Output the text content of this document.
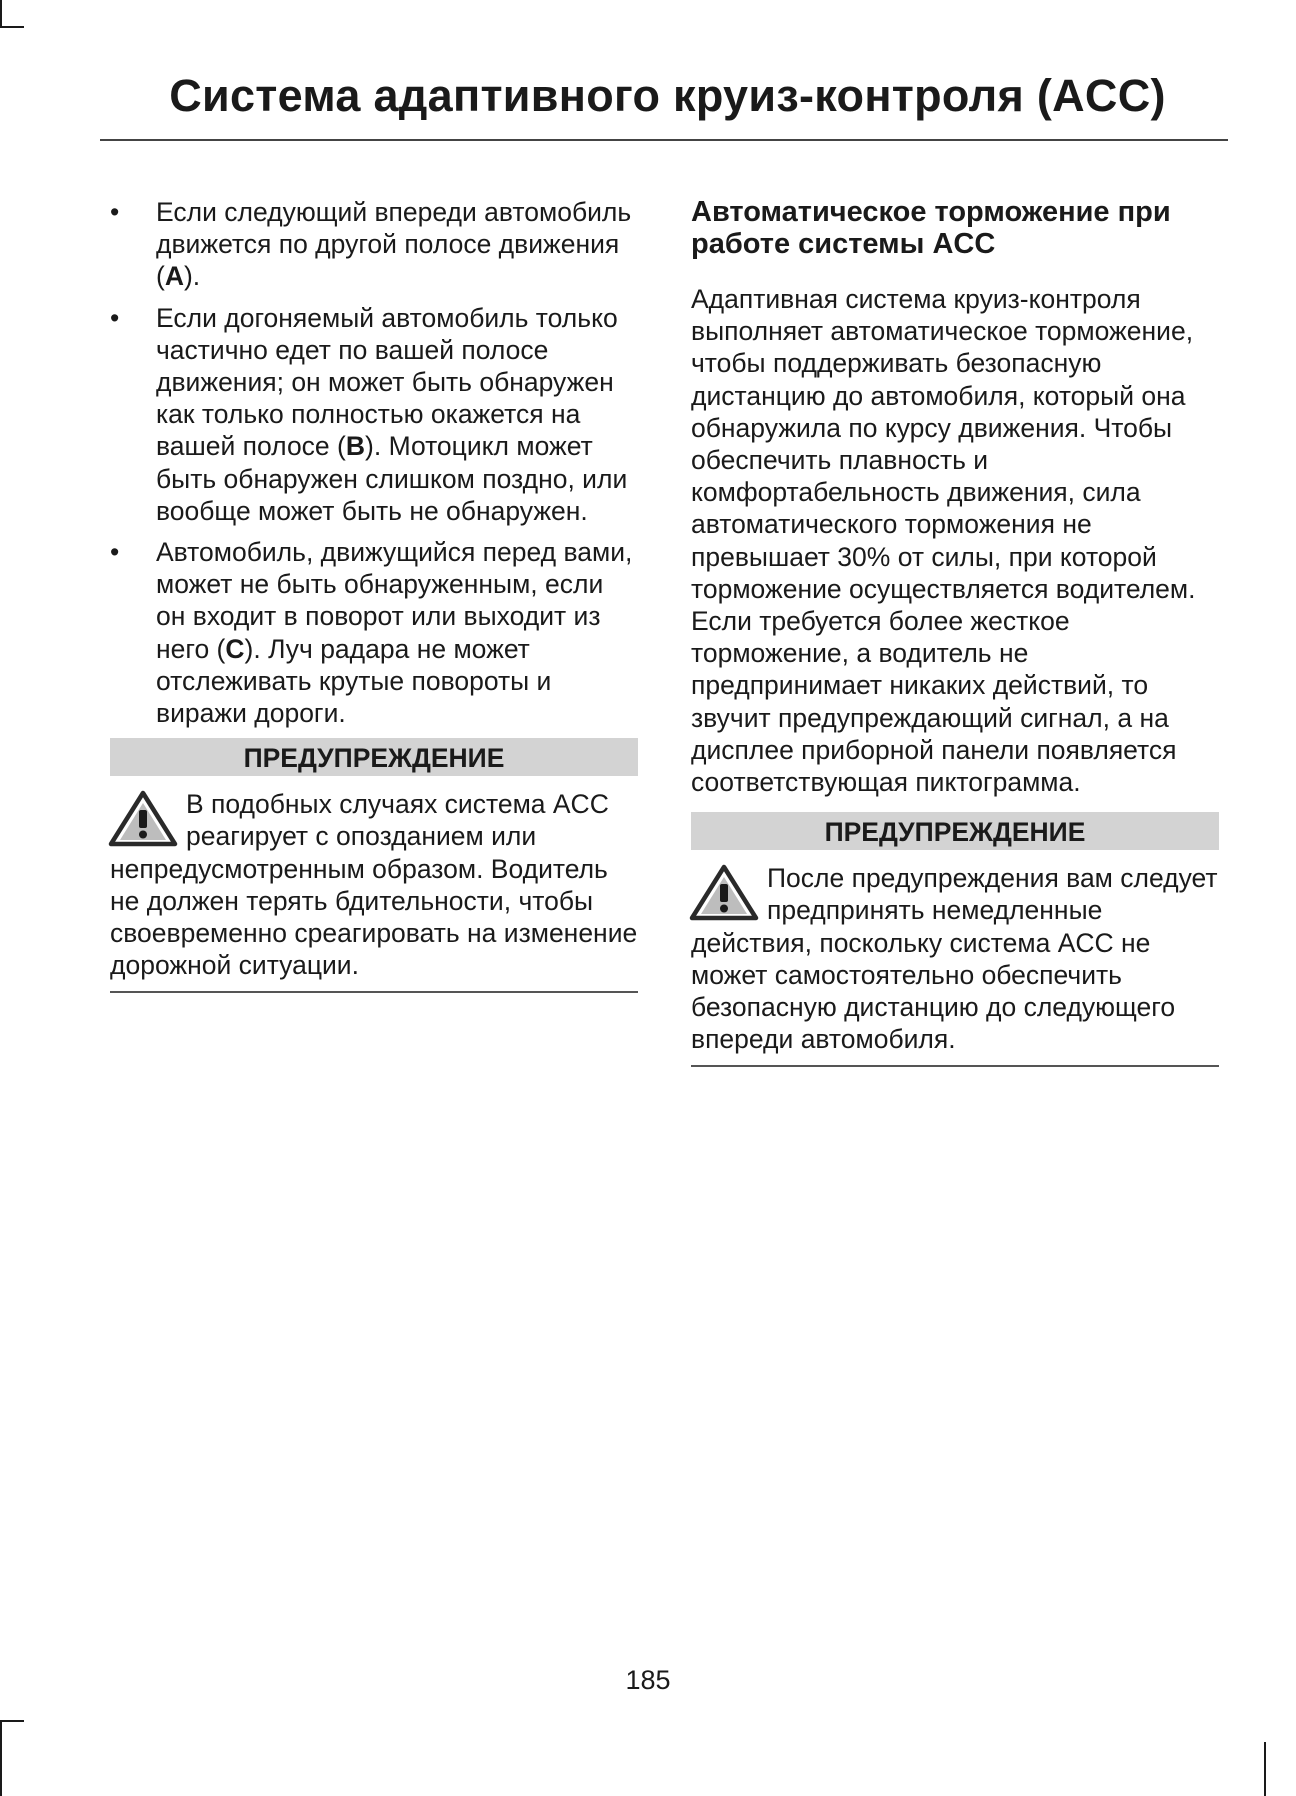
Система адаптивного круиз-контроля (ACC)
•	Если следующий впереди автомобиль движется по другой полосе движения (A).
•	Если догоняемый автомобиль только частично едет по вашей полосе движения; он может быть обнаружен как только полностью окажется на вашей полосе (B). Мотоцикл может быть обнаружен слишком поздно, или вообще может быть не обнаружен.
•	Автомобиль, движущийся перед вами, может не быть обнаруженным, если он входит в поворот или выходит из него (C). Луч радара не может отслеживать крутые повороты и виражи дороги.
ПРЕДУПРЕЖДЕНИЕ
В подобных случаях система ACC реагирует с опозданием или непредусмотренным образом. Водитель не должен терять бдительности, чтобы своевременно среагировать на изменение дорожной ситуации.
Автоматическое торможение при работе системы ACC

Адаптивная система круиз-контроля выполняет автоматическое торможение, чтобы поддерживать безопасную дистанцию до автомобиля, который она обнаружила по курсу движения. Чтобы обеспечить плавность и комфортабельность движения, сила автоматического торможения не превышает 30% от силы, при которой торможение осуществляется водителем. Если требуется более жесткое торможение, а водитель не предпринимает никаких действий, то звучит предупреждающий сигнал, а на дисплее приборной панели появляется соответствующая пиктограмма.

ПРЕДУПРЕЖДЕНИЕ
После предупреждения вам следует предпринять немедленные действия, поскольку система ACC не может самостоятельно обеспечить безопасную дистанцию до следующего впереди автомобиля.
185
